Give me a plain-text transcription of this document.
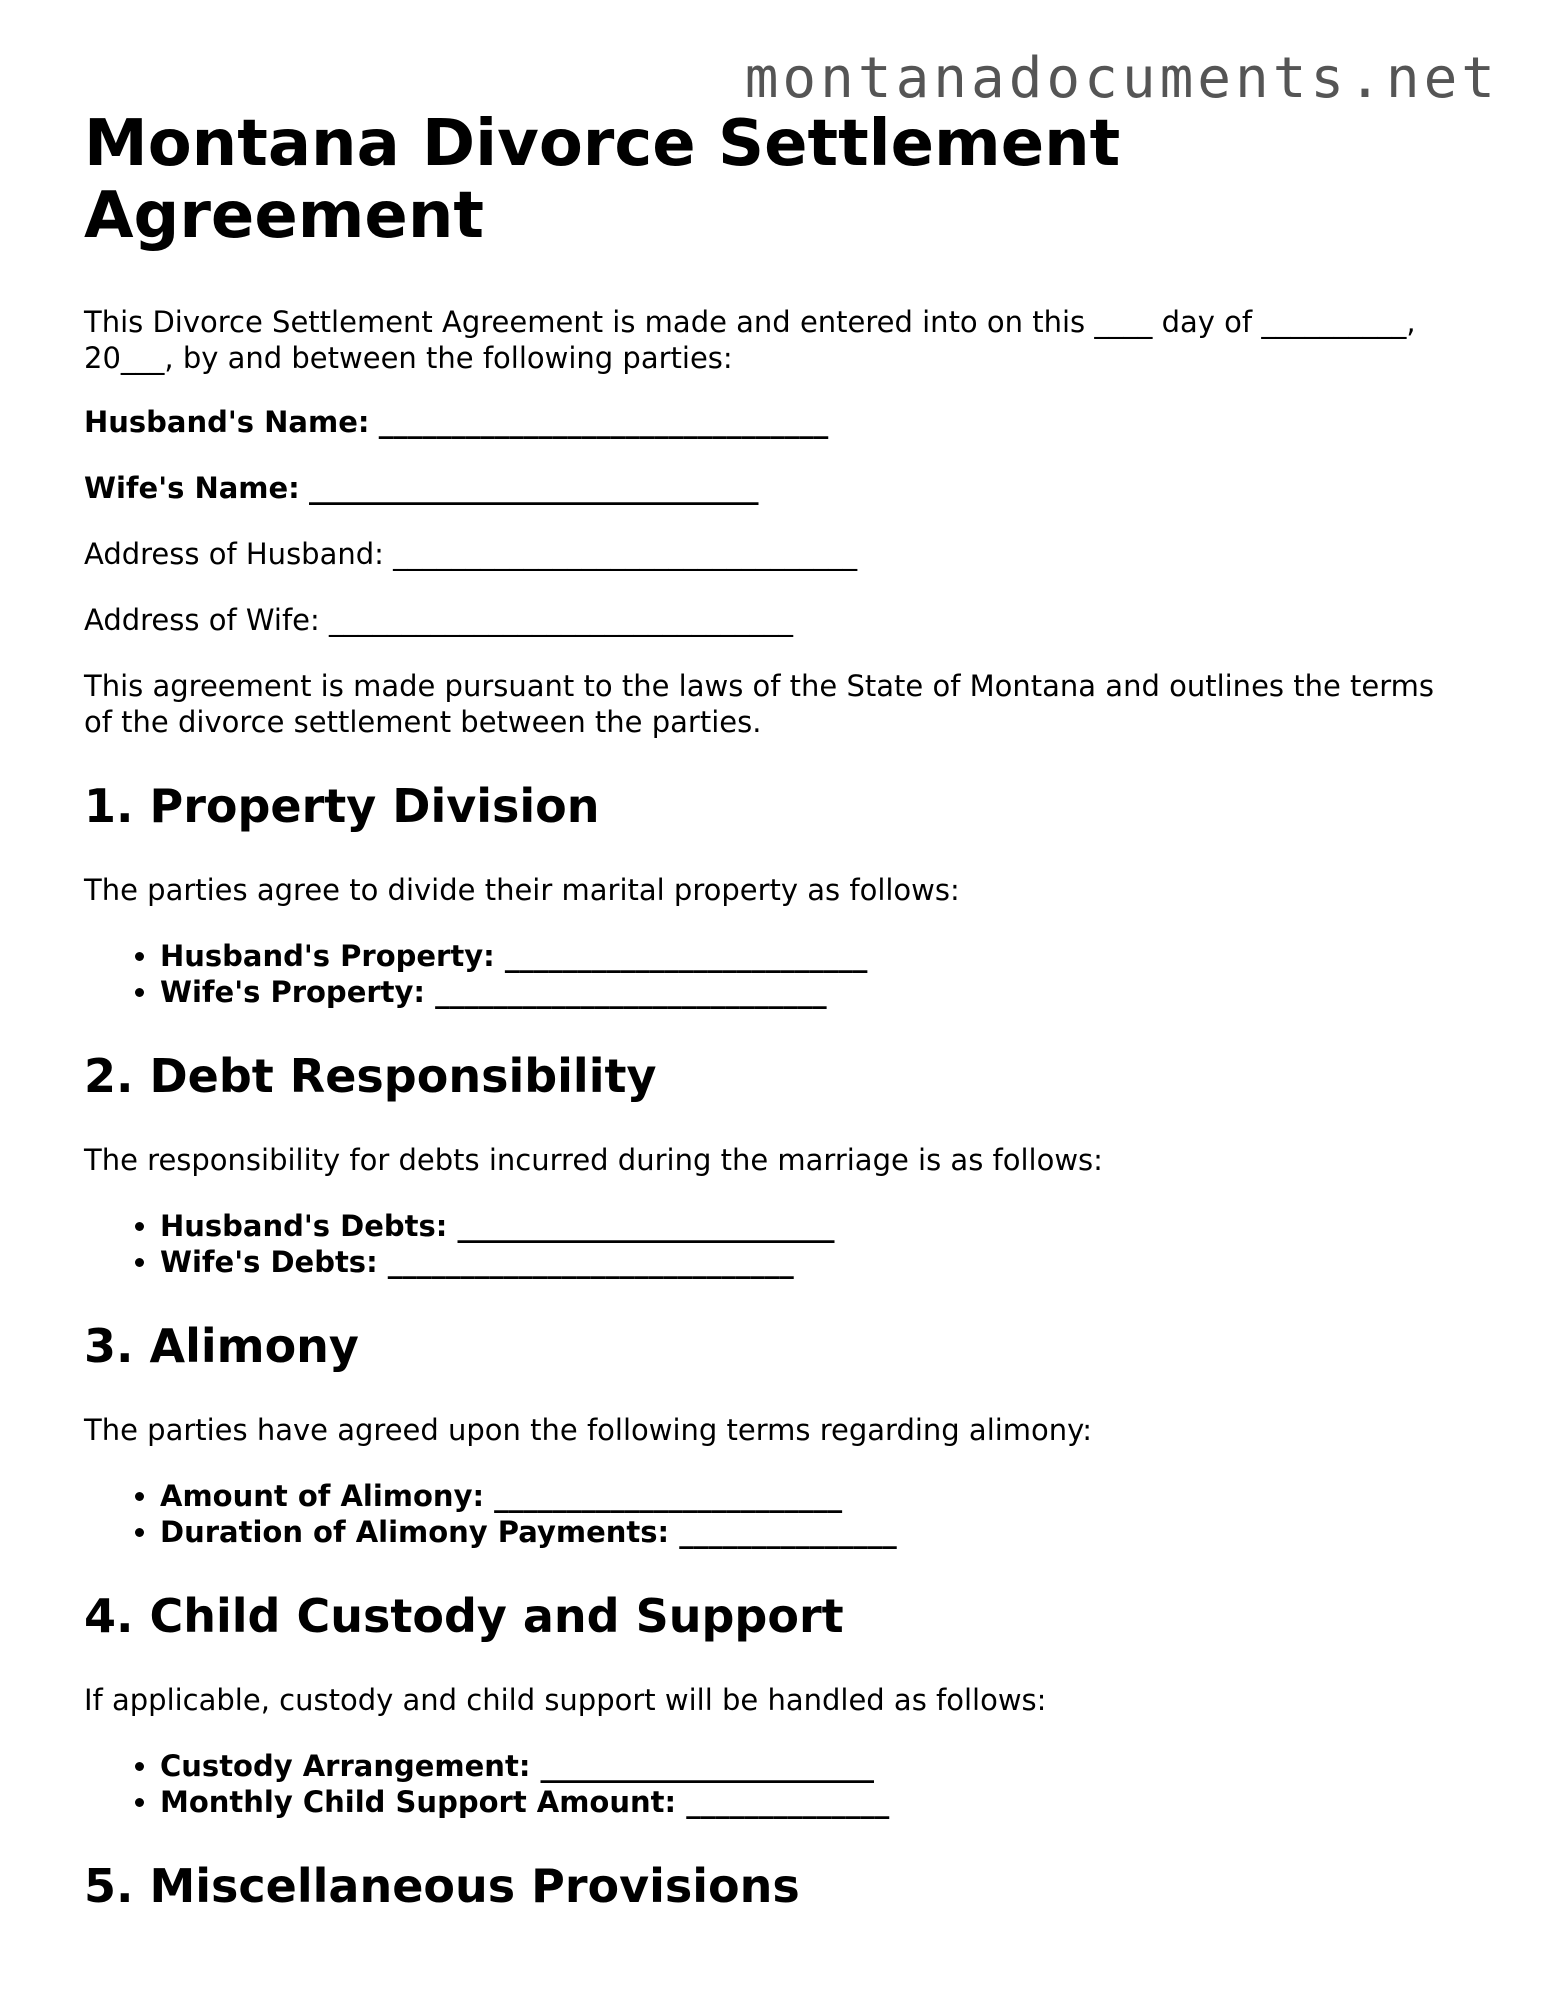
montanadocuments.net
Montana Divorce Settlement Agreement

This Divorce Settlement Agreement is made and entered into on this ____ day of __________, 20___, by and between the following parties:

Husband's Name: _______________________________

Wife's Name: _______________________________

Address of Husband: ________________________________

Address of Wife: ________________________________

This agreement is made pursuant to the laws of the State of Montana and outlines the terms of the divorce settlement between the parties.

1. Property Division

The parties agree to divide their marital property as follows:

• Husband's Property: _________________________
• Wife's Property: ___________________________
2. Debt Responsibility

The responsibility for debts incurred during the marriage is as follows:

• Husband's Debts: __________________________
• Wife's Debts: ____________________________
3. Alimony

The parties have agreed upon the following terms regarding alimony:

• Amount of Alimony: ________________________
• Duration of Alimony Payments: _______________
4. Child Custody and Support

If applicable, custody and child support will be handled as follows:

• Custody Arrangement: _______________________
• Monthly Child Support Amount: ______________
5. Miscellaneous Provisions
